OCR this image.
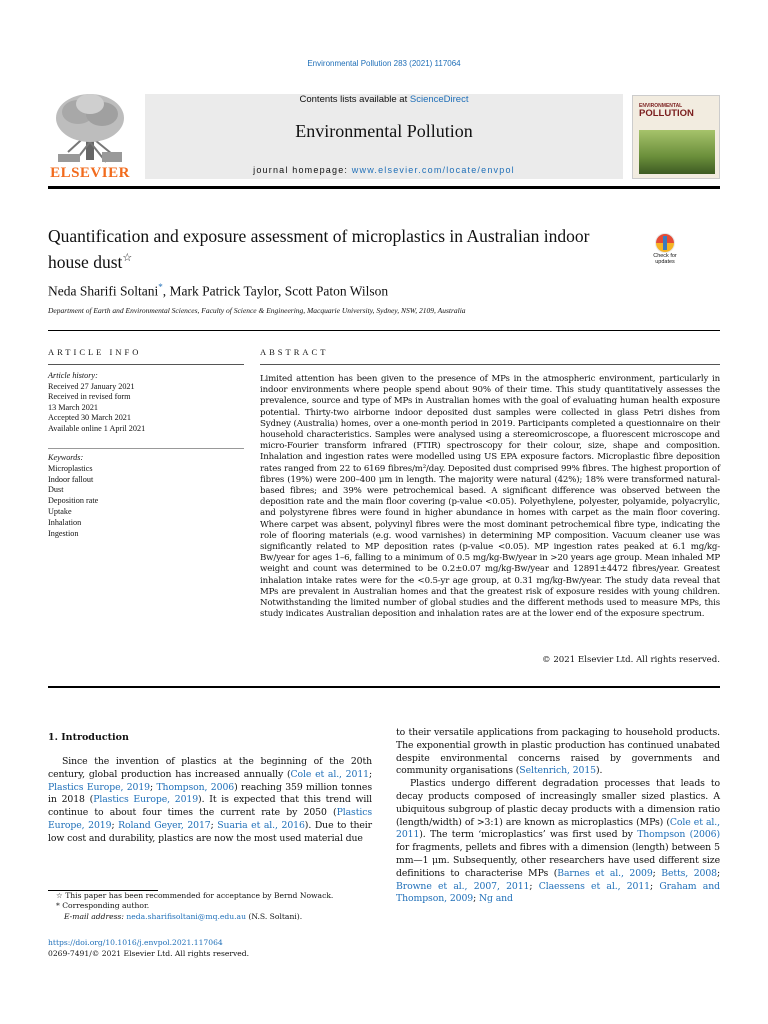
Environmental Pollution 283 (2021) 117064
ELSEVIER
Contents lists available at ScienceDirect
Environmental Pollution
journal homepage: www.elsevier.com/locate/envpol
ENVIRONMENTAL
POLLUTION
Quantification and exposure assessment of microplastics in Australian indoor house dust☆	Check for updates
Neda Sharifi Soltani*, Mark Patrick Taylor, Scott Paton Wilson
Department of Earth and Environmental Sciences, Faculty of Science & Engineering, Macquarie University, Sydney, NSW, 2109, Australia
ARTICLE INFO	ABSTRACT
Article history:
Received 27 January 2021
Received in revised form
13 March 2021
Accepted 30 March 2021
Available online 1 April 2021
Keywords:
Microplastics
Indoor fallout
Dust
Deposition rate
Uptake
Inhalation
Ingestion
Limited attention has been given to the presence of MPs in the atmospheric environment, particularly in indoor environments where people spend about 90% of their time. This study quantitatively assesses the prevalence, source and type of MPs in Australian homes with the goal of evaluating human health exposure potential. Thirty-two airborne indoor deposited dust samples were collected in glass Petri dishes from Sydney (Australia) homes, over a one-month period in 2019. Participants completed a questionnaire on their household characteristics. Samples were analysed using a stereomicroscope, a fluorescent microscope and micro-Fourier transform infrared (FTIR) spectroscopy for their colour, size, shape and composition. Inhalation and ingestion rates were modelled using US EPA exposure factors. Microplastic fibre deposition rates ranged from 22 to 6169 fibres/m²/day. Deposited dust comprised 99% fibres. The highest proportion of fibres (19%) were 200–400 μm in length. The majority were natural (42%); 18% were transformed natural-based fibres; and 39% were petrochemical based. A significant difference was observed between the deposition rate and the main floor covering (p-value <0.05). Polyethylene, polyester, polyamide, polyacrylic, and polystyrene fibres were found in higher abundance in homes with carpet as the main floor covering. Where carpet was absent, polyvinyl fibres were the most dominant petrochemical fibre type, indicating the role of flooring materials (e.g. wood varnishes) in determining MP composition. Vacuum cleaner use was significantly related to MP deposition rates (p-value <0.05). MP ingestion rates peaked at 6.1 mg/kg-Bw/year for ages 1–6, falling to a minimum of 0.5 mg/kg-Bw/year in >20 years age group. Mean inhaled MP weight and count was determined to be 0.2±0.07 mg/kg-Bw/year and 12891±4472 fibres/year. Greatest inhalation intake rates were for the <0.5-yr age group, at 0.31 mg/kg-Bw/year. The study data reveal that MPs are prevalent in Australian homes and that the greatest risk of exposure resides with young children. Notwithstanding the limited number of global studies and the different methods used to measure MPs, this study indicates Australian deposition and inhalation rates are at the lower end of the exposure spectrum.
© 2021 Elsevier Ltd. All rights reserved.
1. Introduction
Since the invention of plastics at the beginning of the 20th century, global production has increased annually (Cole et al., 2011; Plastics Europe, 2019; Thompson, 2006) reaching 359 million tonnes in 2018 (Plastics Europe, 2019). It is expected that this trend will continue to about four times the current rate by 2050 (Plastics Europe, 2019; Roland Geyer, 2017; Suaria et al., 2016). Due to their low cost and durability, plastics are now the most used material due

to their versatile applications from packaging to household products. The exponential growth in plastic production has continued unabated despite environmental concerns raised by governments and community organisations (Seltenrich, 2015).

Plastics undergo different degradation processes that leads to decay products composed of increasingly smaller sized plastics. A ubiquitous subgroup of plastic decay products with a dimension ratio (length/width) of >3:1) are known as microplastics (MPs) (Cole et al., 2011). The term ‘microplastics’ was first used by Thompson (2006) for fragments, pellets and fibres with a dimension (length) between 5 mm—1 μm. Subsequently, other researchers have used different size definitions to characterise MPs (Barnes et al., 2009; Betts, 2008; Browne et al., 2007, 2011; Claessens et al., 2011; Graham and Thompson, 2009; Ng and

☆ This paper has been recommended for acceptance by Bernd Nowack.
* Corresponding author.
E-mail address: neda.sharifisoltani@mq.edu.au (N.S. Soltani).
https://doi.org/10.1016/j.envpol.2021.117064
0269-7491/© 2021 Elsevier Ltd. All rights reserved.
